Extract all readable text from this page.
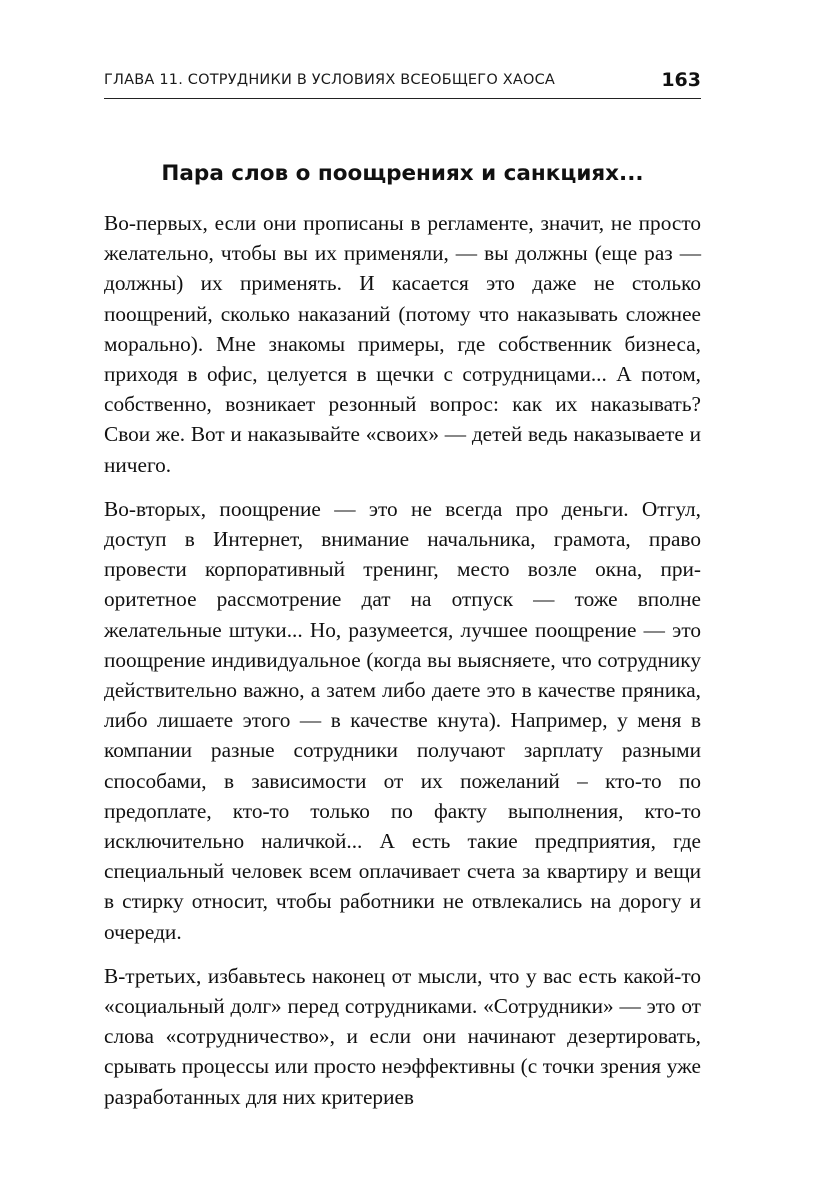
ГЛАВА 11. СОТРУДНИКИ В УСЛОВИЯХ ВСЕОБЩЕГО ХАОСА	163
Пара слов о поощрениях и санкциях...

Во-первых, если они прописаны в регламенте, значит, не просто желательно, чтобы вы их применяли, — вы должны (еще раз — должны) их применять. И касается это даже не столько поощрений, сколько наказаний (потому что наказывать сложнее морально). Мне знакомы примеры, где собственник бизнеса, приходя в офис, целуется в щечки с сотрудницами... А потом, собственно, возникает резонный вопрос: как их наказывать? Свои же. Вот и наказывайте «своих» — детей ведь наказываете и ничего.

Во-вторых, поощрение — это не всегда про деньги. Отгул, доступ в Интернет, внимание начальника, грамота, право провести корпоративный тренинг, место возле окна, приоритетное рассмотрение дат на отпуск — тоже вполне желательные штуки... Но, разумеется, лучшее поощрение — это поощрение индивидуальное (когда вы выясняете, что сотруднику действительно важно, а затем либо даете это в качестве пряника, либо лишаете этого — в качестве кнута). Например, у меня в компании разные сотрудники получают зарплату разными способами, в зависимости от их пожеланий – кто-то по предоплате, кто-то только по факту выполнения, кто-то исключительно наличкой... А есть такие предприятия, где специальный человек всем оплачивает счета за квартиру и вещи в стирку относит, чтобы работники не отвлекались на дорогу и очереди.

В-третьих, избавьтесь наконец от мысли, что у вас есть какой-то «социальный долг» перед сотрудниками. «Сотрудники» — это от слова «сотрудничество», и если они начинают дезертировать, срывать процессы или просто неэффективны (с точки зрения уже разработанных для них критериев
